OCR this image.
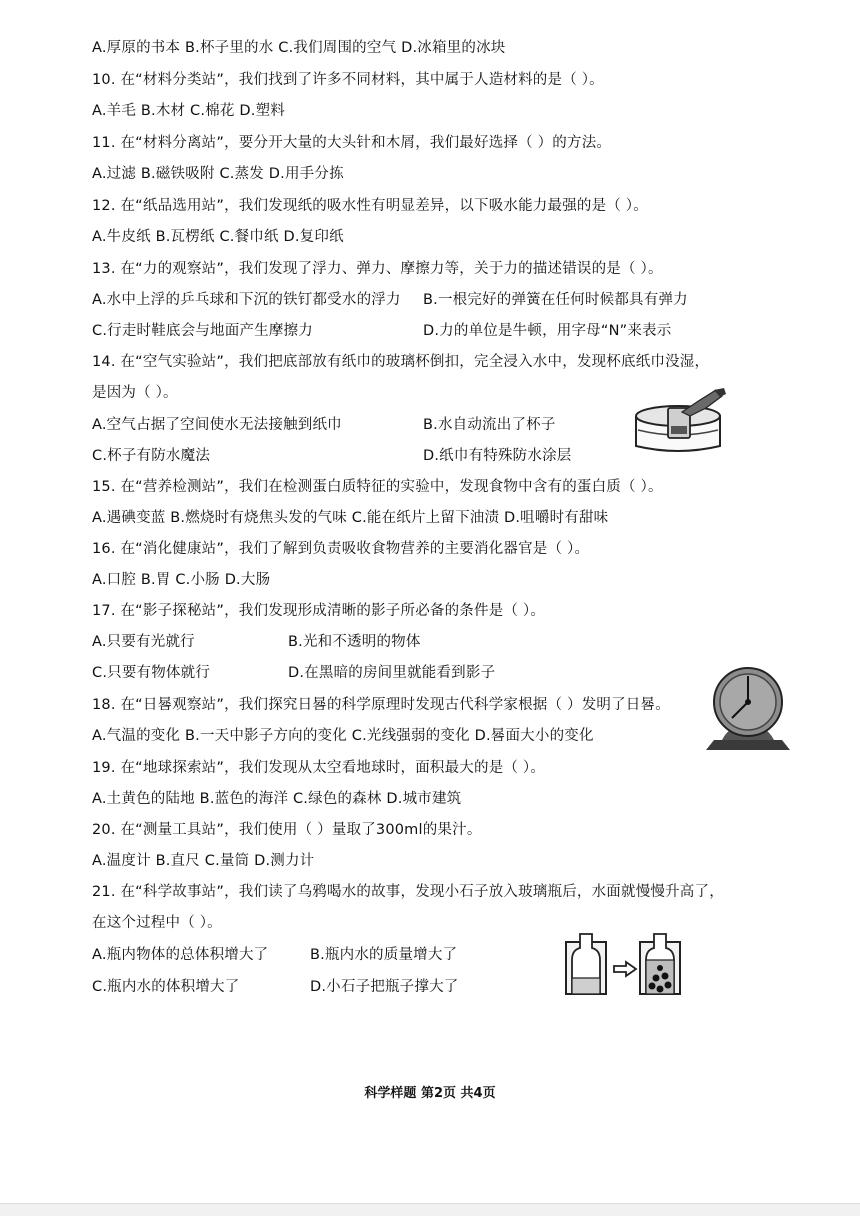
A.厚原的书本 B.杯子里的水 C.我们周围的空气 D.冰箱里的冰块
10. 在“材料分类站”，我们找到了许多不同材料，其中属于人造材料的是（ ）。
A.羊毛 B.木材 C.棉花 D.塑料
11. 在“材料分离站”，要分开大量的大头针和木屑，我们最好选择（ ）的方法。
A.过滤 B.磁铁吸附 C.蒸发 D.用手分拣
12. 在“纸品选用站”，我们发现纸的吸水性有明显差异，以下吸水能力最强的是（ ）。
A.牛皮纸 B.瓦楞纸 C.餐巾纸 D.复印纸
13. 在“力的观察站”，我们发现了浮力、弹力、摩擦力等，关于力的描述错误的是（ ）。
A.水中上浮的乒乓球和下沉的铁钉都受水的浮力 B.一根完好的弹簧在任何时候都具有弹力
C.行走时鞋底会与地面产生摩擦力	D.力的单位是牛顿，用字母“N”来表示
14. 在“空气实验站”，我们把底部放有纸巾的玻璃杯倒扣，完全浸入水中，发现杯底纸巾没湿，
是因为（ ）。
A.空气占据了空间使水无法接触到纸巾	B.水自动流出了杯子
C.杯子有防水魔法	D.纸巾有特殊防水涂层
15. 在“营养检测站”，我们在检测蛋白质特征的实验中，发现食物中含有的蛋白质（ ）。
A.遇碘变蓝 B.燃烧时有烧焦头发的气味 C.能在纸片上留下油渍 D.咀嚼时有甜味
16. 在“消化健康站”，我们了解到负责吸收食物营养的主要消化器官是（ ）。
A.口腔 B.胃 C.小肠 D.大肠
17. 在“影子探秘站”，我们发现形成清晰的影子所必备的条件是（ ）。
A.只要有光就行	B.光和不透明的物体
C.只要有物体就行	D.在黑暗的房间里就能看到影子
18. 在“日晷观察站”，我们探究日晷的科学原理时发现古代科学家根据（ ）发明了日晷。
A.气温的变化 B.一天中影子方向的变化 C.光线强弱的变化 D.晷面大小的变化
19. 在“地球探索站”，我们发现从太空看地球时，面积最大的是（ ）。
A.土黄色的陆地 B.蓝色的海洋 C.绿色的森林 D.城市建筑
20. 在“测量工具站”，我们使用（ ）量取了300ml的果汁。
A.温度计 B.直尺 C.量筒 D.测力计
21. 在“科学故事站”，我们读了乌鸦喝水的故事，发现小石子放入玻璃瓶后，水面就慢慢升高了，
在这个过程中（ ）。
A.瓶内物体的总体积增大了	B.瓶内水的质量增大了
C.瓶内水的体积增大了	D.小石子把瓶子撑大了
科学样题 第2页 共4页
